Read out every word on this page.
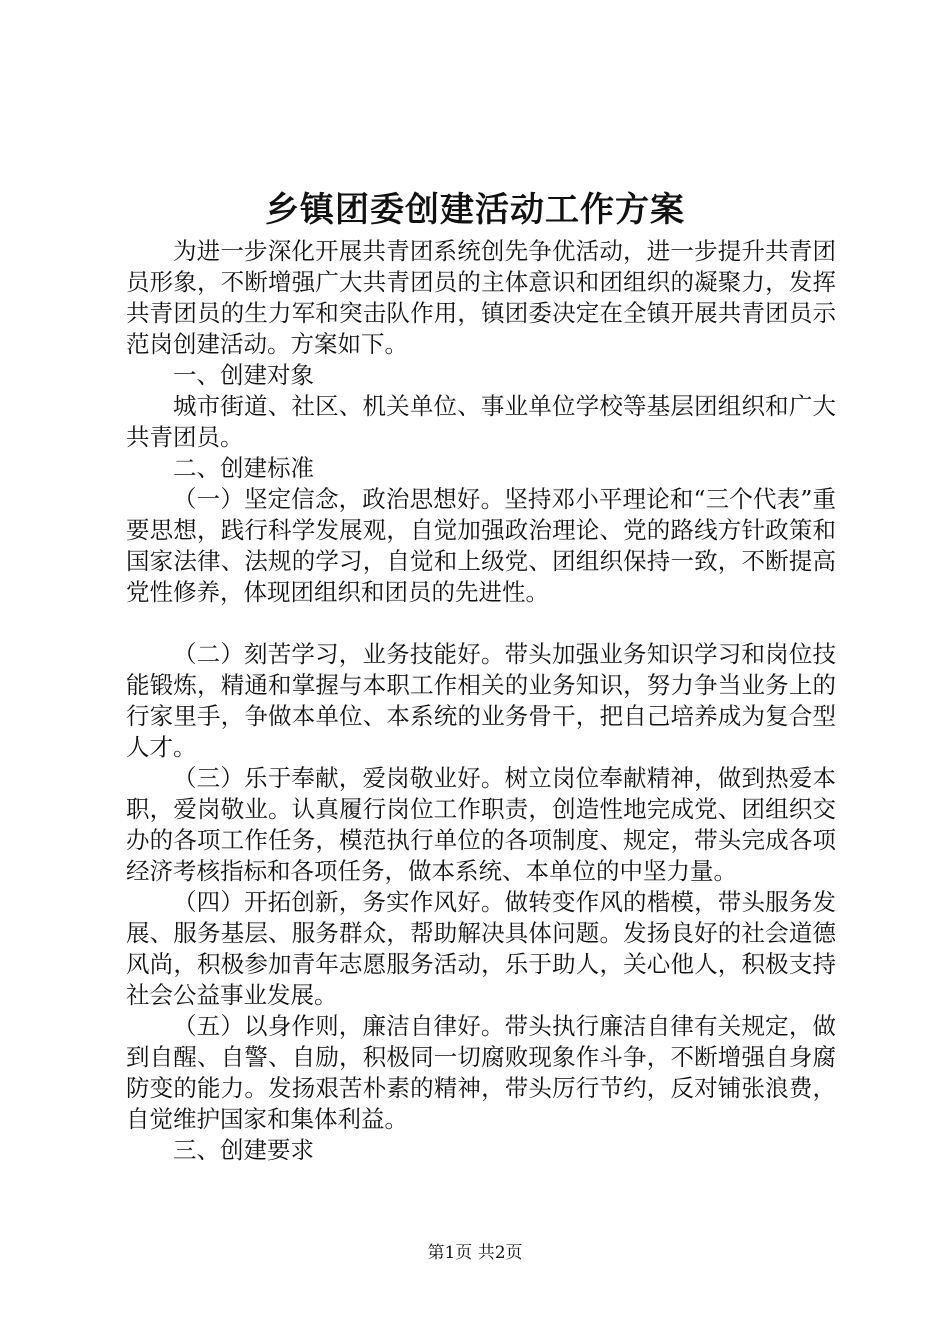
乡镇团委创建活动工作方案

为进一步深化开展共青团系统创先争优活动，进一步提升共青团员形象，不断增强广大共青团员的主体意识和团组织的凝聚力，发挥共青团员的生力军和突击队作用，镇团委决定在全镇开展共青团员示范岗创建活动。方案如下。

一、创建对象

城市街道、社区、机关单位、事业单位学校等基层团组织和广大共青团员。

二、创建标准

（一）坚定信念，政治思想好。坚持邓小平理论和“三个代表”重要思想，践行科学发展观，自觉加强政治理论、党的路线方针政策和国家法律、法规的学习，自觉和上级党、团组织保持一致，不断提高党性修养，体现团组织和团员的先进性。

（二）刻苦学习，业务技能好。带头加强业务知识学习和岗位技能锻炼，精通和掌握与本职工作相关的业务知识，努力争当业务上的行家里手，争做本单位、本系统的业务骨干，把自己培养成为复合型人才。

（三）乐于奉献，爱岗敬业好。树立岗位奉献精神，做到热爱本职，爱岗敬业。认真履行岗位工作职责，创造性地完成党、团组织交办的各项工作任务，模范执行单位的各项制度、规定，带头完成各项经济考核指标和各项任务，做本系统、本单位的中坚力量。

（四）开拓创新，务实作风好。做转变作风的楷模，带头服务发展、服务基层、服务群众，帮助解决具体问题。发扬良好的社会道德风尚，积极参加青年志愿服务活动，乐于助人，关心他人，积极支持社会公益事业发展。

（五）以身作则，廉洁自律好。带头执行廉洁自律有关规定，做到自醒、自警、自励，积极同一切腐败现象作斗争，不断增强自身腐防变的能力。发扬艰苦朴素的精神，带头厉行节约，反对铺张浪费，自觉维护国家和集体利益。

三、创建要求

第1页 共2页
